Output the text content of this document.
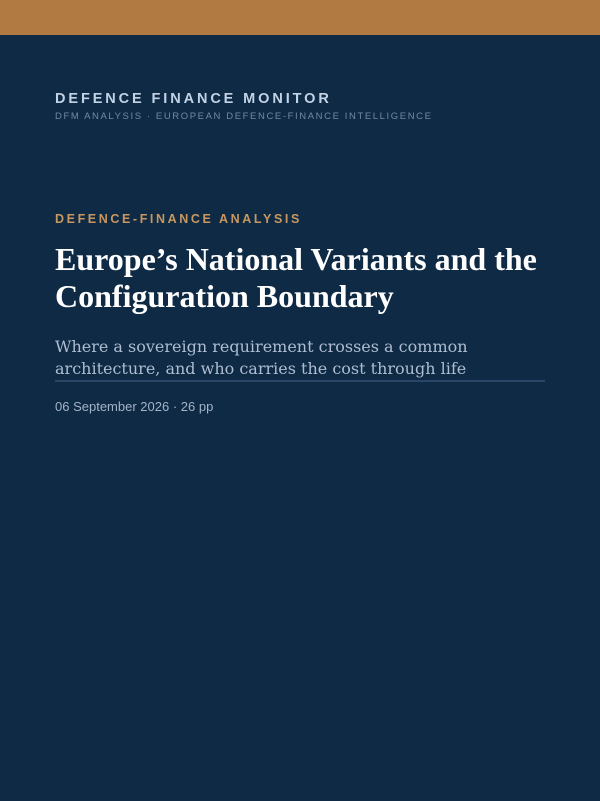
DEFENCE FINANCE MONITOR
DFM ANALYSIS · EUROPEAN DEFENCE-FINANCE INTELLIGENCE
DEFENCE-FINANCE ANALYSIS
Europe’s National Variants and the Configuration Boundary
Where a sovereign requirement crosses a common architecture, and who carries the cost through life
06 September 2026 · 26 pp
